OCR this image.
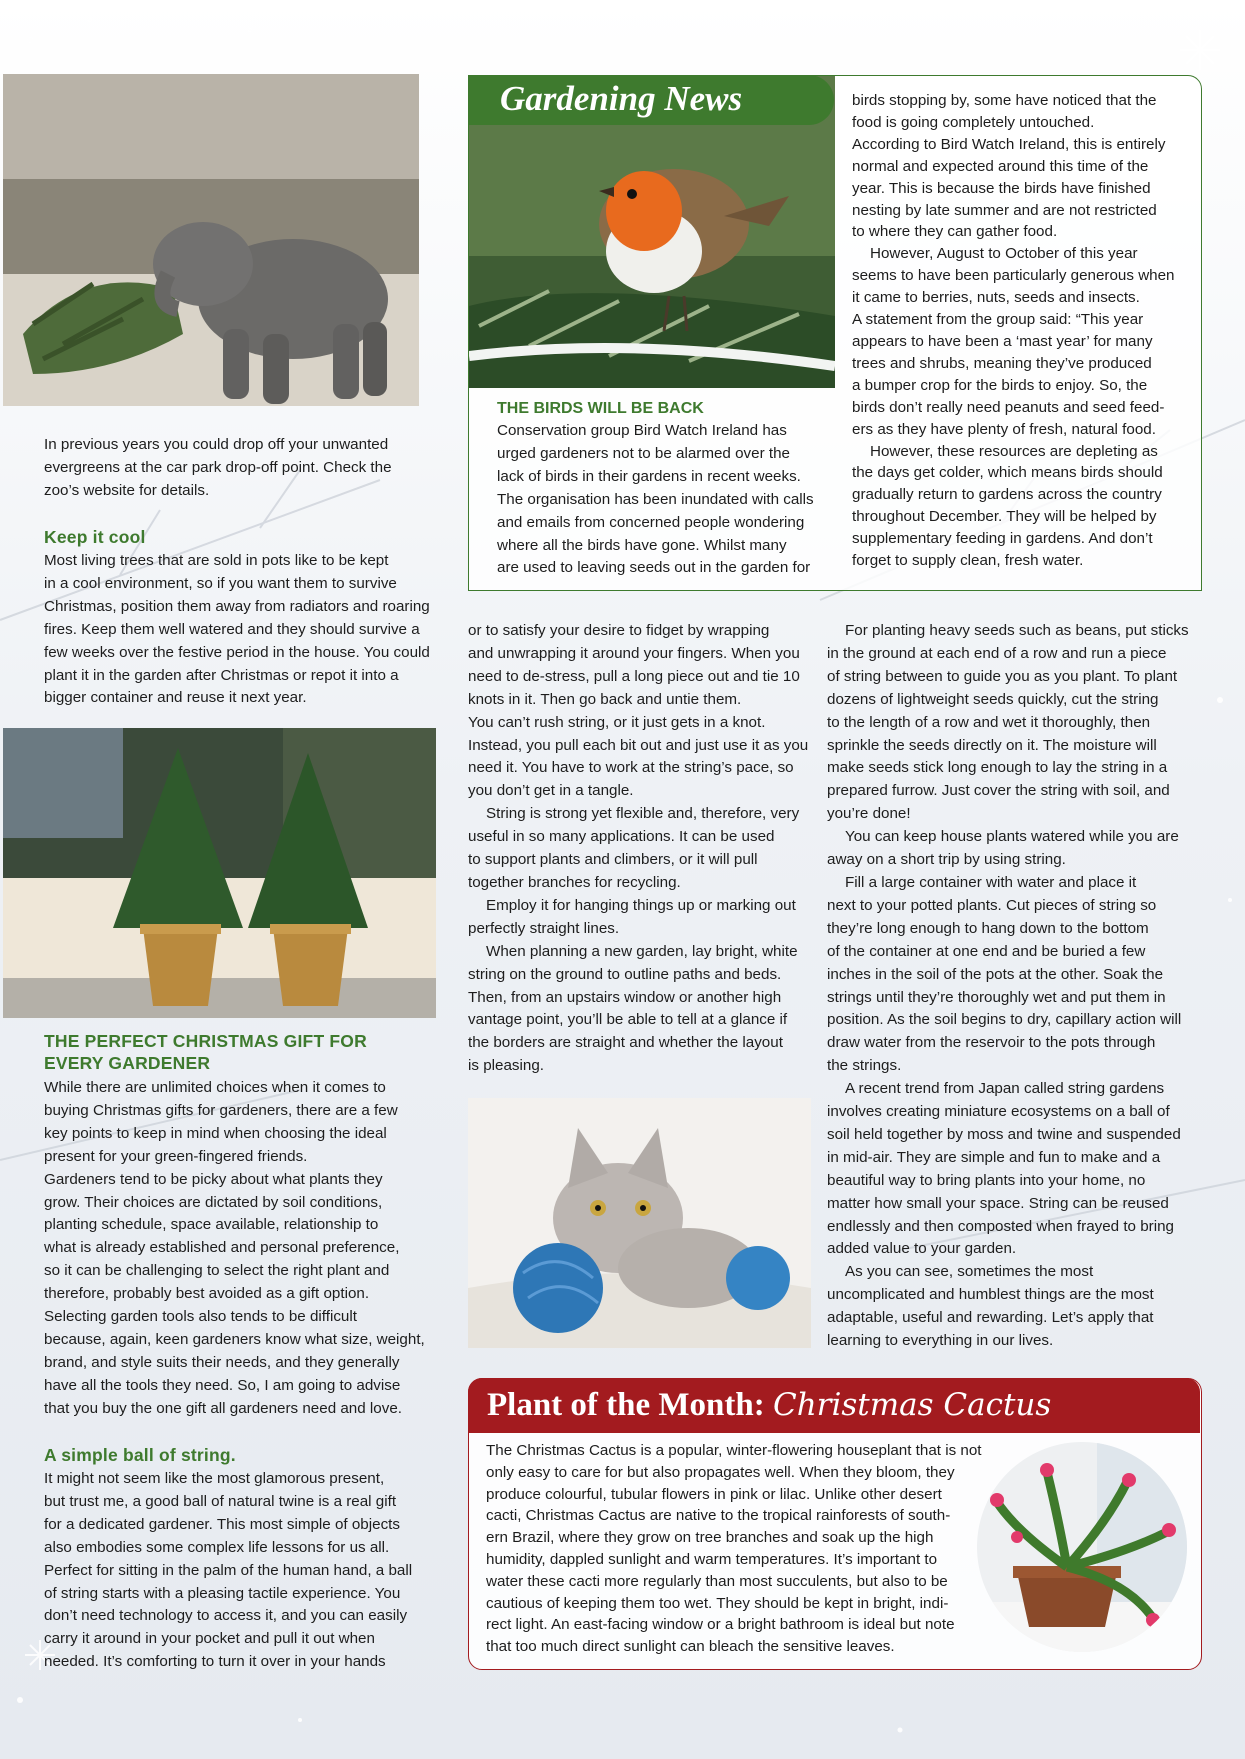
In previous years you could drop off your unwanted

evergreens at the car park drop-off point. Check the

zoo’s website for details.

Keep it cool

Most living trees that are sold in pots like to be kept

in a cool environment, so if you want them to survive

Christmas, position them away from radiators and roaring

fires. Keep them well watered and they should survive a

few weeks over the festive period in the house. You could

plant it in the garden after Christmas or repot it into a

bigger container and reuse it next year.

THE PERFECT CHRISTMAS GIFT FOR
EVERY GARDENER

While there are unlimited choices when it comes to

buying Christmas gifts for gardeners, there are a few

key points to keep in mind when choosing the ideal

present for your green-fingered friends.

Gardeners tend to be picky about what plants they

grow. Their choices are dictated by soil conditions,

planting schedule, space available, relationship to

what is already established and personal preference,

so it can be challenging to select the right plant and

therefore, probably best avoided as a gift option.

Selecting garden tools also tends to be difficult

because, again, keen gardeners know what size, weight,

brand, and style suits their needs, and they generally

have all the tools they need. So, I am going to advise

that you buy the one gift all gardeners need and love.

A simple ball of string.

It might not seem like the most glamorous present,

but trust me, a good ball of natural twine is a real gift

for a dedicated gardener. This most simple of objects

also embodies some complex life lessons for us all.

Perfect for sitting in the palm of the human hand, a ball

of string starts with a pleasing tactile experience. You

don’t need technology to access it, and you can easily

carry it around in your pocket and pull it out when

needed. It’s comforting to turn it over in your hands

Gardening News
THE BIRDS WILL BE BACK

Conservation group Bird Watch Ireland has

urged gardeners not to be alarmed over the

lack of birds in their gardens in recent weeks.

The organisation has been inundated with calls

and emails from concerned people wondering

where all the birds have gone. Whilst many

are used to leaving seeds out in the garden for

birds stopping by, some have noticed that the

food is going completely untouched.

According to Bird Watch Ireland, this is entirely

normal and expected around this time of the

year. This is because the birds have finished

nesting by late summer and are not restricted

to where they can gather food.

However, August to October of this year

seems to have been particularly generous when

it came to berries, nuts, seeds and insects.

A statement from the group said: “This year

appears to have been a ‘mast year’ for many

trees and shrubs, meaning they’ve produced

a bumper crop for the birds to enjoy. So, the

birds don’t really need peanuts and seed feed-

ers as they have plenty of fresh, natural food.

However, these resources are depleting as

the days get colder, which means birds should

gradually return to gardens across the country

throughout December. They will be helped by

supplementary feeding in gardens. And don’t

forget to supply clean, fresh water.

or to satisfy your desire to fidget by wrapping

and unwrapping it around your fingers. When you

need to de-stress, pull a long piece out and tie 10

knots in it. Then go back and untie them.

You can’t rush string, or it just gets in a knot.

Instead, you pull each bit out and just use it as you

need it. You have to work at the string’s pace, so

you don’t get in a tangle.

String is strong yet flexible and, therefore, very

useful in so many applications. It can be used

to support plants and climbers, or it will pull

together branches for recycling.

Employ it for hanging things up or marking out

perfectly straight lines.

When planning a new garden, lay bright, white

string on the ground to outline paths and beds.

Then, from an upstairs window or another high

vantage point, you’ll be able to tell at a glance if

the borders are straight and whether the layout

is pleasing.

For planting heavy seeds such as beans, put sticks

in the ground at each end of a row and run a piece

of string between to guide you as you plant. To plant

dozens of lightweight seeds quickly, cut the string

to the length of a row and wet it thoroughly, then

sprinkle the seeds directly on it. The moisture will

make seeds stick long enough to lay the string in a

prepared furrow. Just cover the string with soil, and

you’re done!

You can keep house plants watered while you are

away on a short trip by using string.

Fill a large container with water and place it

next to your potted plants. Cut pieces of string so

they’re long enough to hang down to the bottom

of the container at one end and be buried a few

inches in the soil of the pots at the other. Soak the

strings until they’re thoroughly wet and put them in

position. As the soil begins to dry, capillary action will

draw water from the reservoir to the pots through

the strings.

A recent trend from Japan called string gardens

involves creating miniature ecosystems on a ball of

soil held together by moss and twine and suspended

in mid-air. They are simple and fun to make and a

beautiful way to bring plants into your home, no

matter how small your space. String can be reused

endlessly and then composted when frayed to bring

added value to your garden.

As you can see, sometimes the most

uncomplicated and humblest things are the most

adaptable, useful and rewarding. Let’s apply that

learning to everything in our lives.

Plant of the Month: Christmas Cactus

The Christmas Cactus is a popular, winter-flowering houseplant that is not

only easy to care for but also propagates well. When they bloom, they

produce colourful, tubular flowers in pink or lilac. Unlike other desert

cacti, Christmas Cactus are native to the tropical rainforests of south-

ern Brazil, where they grow on tree branches and soak up the high

humidity, dappled sunlight and warm temperatures. It’s important to

water these cacti more regularly than most succulents, but also to be

cautious of keeping them too wet. They should be kept in bright, indi-

rect light. An east-facing window or a bright bathroom is ideal but note

that too much direct sunlight can bleach the sensitive leaves.
